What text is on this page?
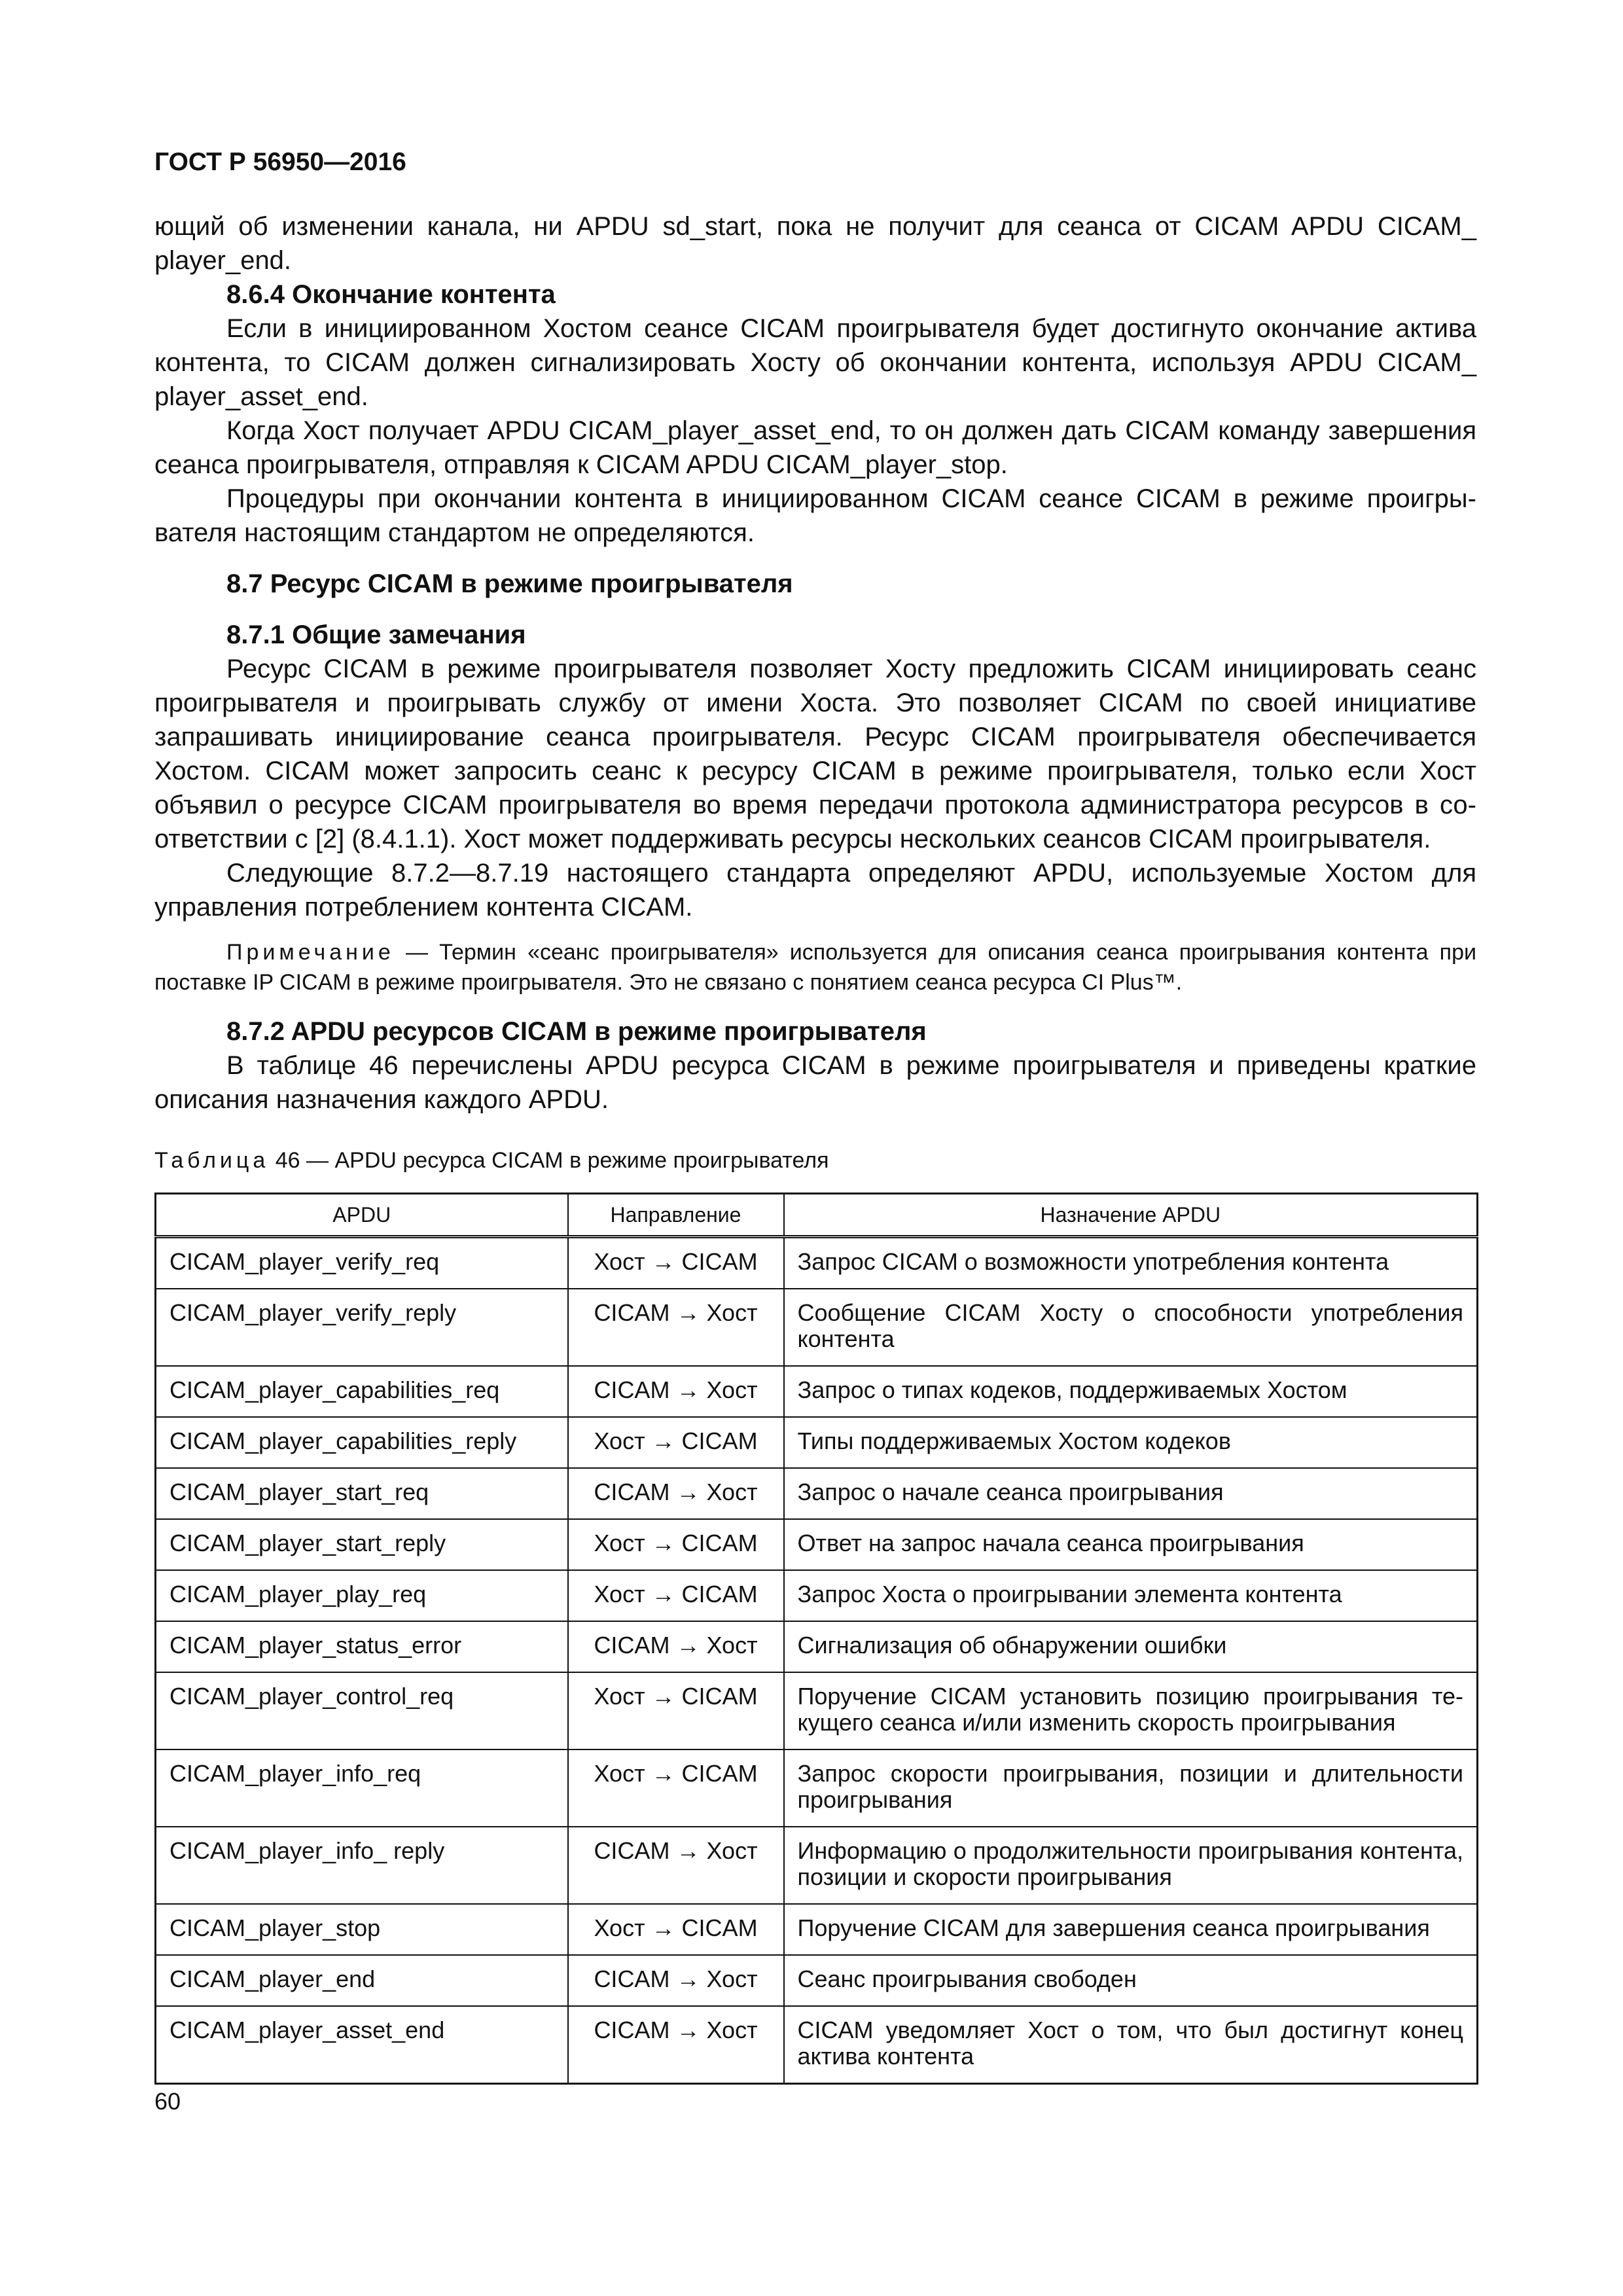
ГОСТ Р 56950—2016

ющий об изменении канала, ни APDU sd_start, пока не получит для сеанса от CICAM APDU CICAM_ player_end.

8.6.4 Окончание контента

Если в инициированном Хостом сеансе CICAM проигрывателя будет достигнуто окончание актива контента, то CICAM должен сигнализировать Хосту об окончании контента, используя APDU CICAM_ player_asset_end.

Когда Хост получает APDU CICAM_player_asset_end, то он должен дать CICAM команду завершения сеанса проигрывателя, отправляя к CICAM APDU CICAM_player_stop.

Процедуры при окончании контента в инициированном CICAM сеансе CICAM в режиме проигрывателя настоящим стандартом не определяются.

8.7 Ресурс CICAM в режиме проигрывателя
8.7.1 Общие замечания

Ресурс CICAM в режиме проигрывателя позволяет Хосту предложить CICAM инициировать сеанс проигрывателя и проигрывать службу от имени Хоста. Это позволяет CICAM по своей инициативе запрашивать инициирование сеанса проигрывателя. Ресурс CICAM проигрывателя обеспечивается Хостом. CICAM может запросить сеанс к ресурсу CICAM в режиме проигрывателя, только если Хост объявил о ресурсе CICAM проигрывателя во время передачи протокола администратора ресурсов в соответствии с [2] (8.4.1.1). Хост может поддерживать ресурсы нескольких сеансов CICAM проигрывателя.

Следующие 8.7.2—8.7.19 настоящего стандарта определяют APDU, используемые Хостом для управления потреблением контента CICAM.

Примечание — Термин «сеанс проигрывателя» используется для описания сеанса проигрывания контента при поставке IP CICAM в режиме проигрывателя. Это не связано с понятием сеанса ресурса CI Plus™.
8.7.2 APDU ресурсов CICAM в режиме проигрывателя

В таблице 46 перечислены APDU ресурса CICAM в режиме проигрывателя и приведены краткие описания назначения каждого APDU.

Таблица 46 — APDU ресурса CICAM в режиме проигрывателя
APDU	Направление	Назначение APDU
CICAM_player_verify_req	Хост → CICAM	Запрос CICAM о возможности употребления контента
CICAM_player_verify_reply	CICAM → Хост	Сообщение CICAM Хосту о способности употребления контента
CICAM_player_capabilities_req	CICAM → Хост	Запрос о типах кодеков, поддерживаемых Хостом
CICAM_player_capabilities_reply	Хост → CICAM	Типы поддерживаемых Хостом кодеков
CICAM_player_start_req	CICAM → Хост	Запрос о начале сеанса проигрывания
CICAM_player_start_reply	Хост → CICAM	Ответ на запрос начала сеанса проигрывания
CICAM_player_play_req	Хост → CICAM	Запрос Хоста о проигрывании элемента контента
CICAM_player_status_error	CICAM → Хост	Сигнализация об обнаружении ошибки
CICAM_player_control_req	Хост → CICAM	Поручение CICAM установить позицию проигрывания текущего сеанса и/или изменить скорость проигрывания
CICAM_player_info_req	Хост → CICAM	Запрос скорости проигрывания, позиции и длительности проигрывания
CICAM_player_info_ reply	CICAM → Хост	Информацию о продолжительности проигрывания контента, позиции и скорости проигрывания
CICAM_player_stop	Хост → CICAM	Поручение CICAM для завершения сеанса проигрывания
CICAM_player_end	CICAM → Хост	Сеанс проигрывания свободен
CICAM_player_asset_end	CICAM → Хост	CICAM уведомляет Хост о том, что был достигнут конец актива контента
60
